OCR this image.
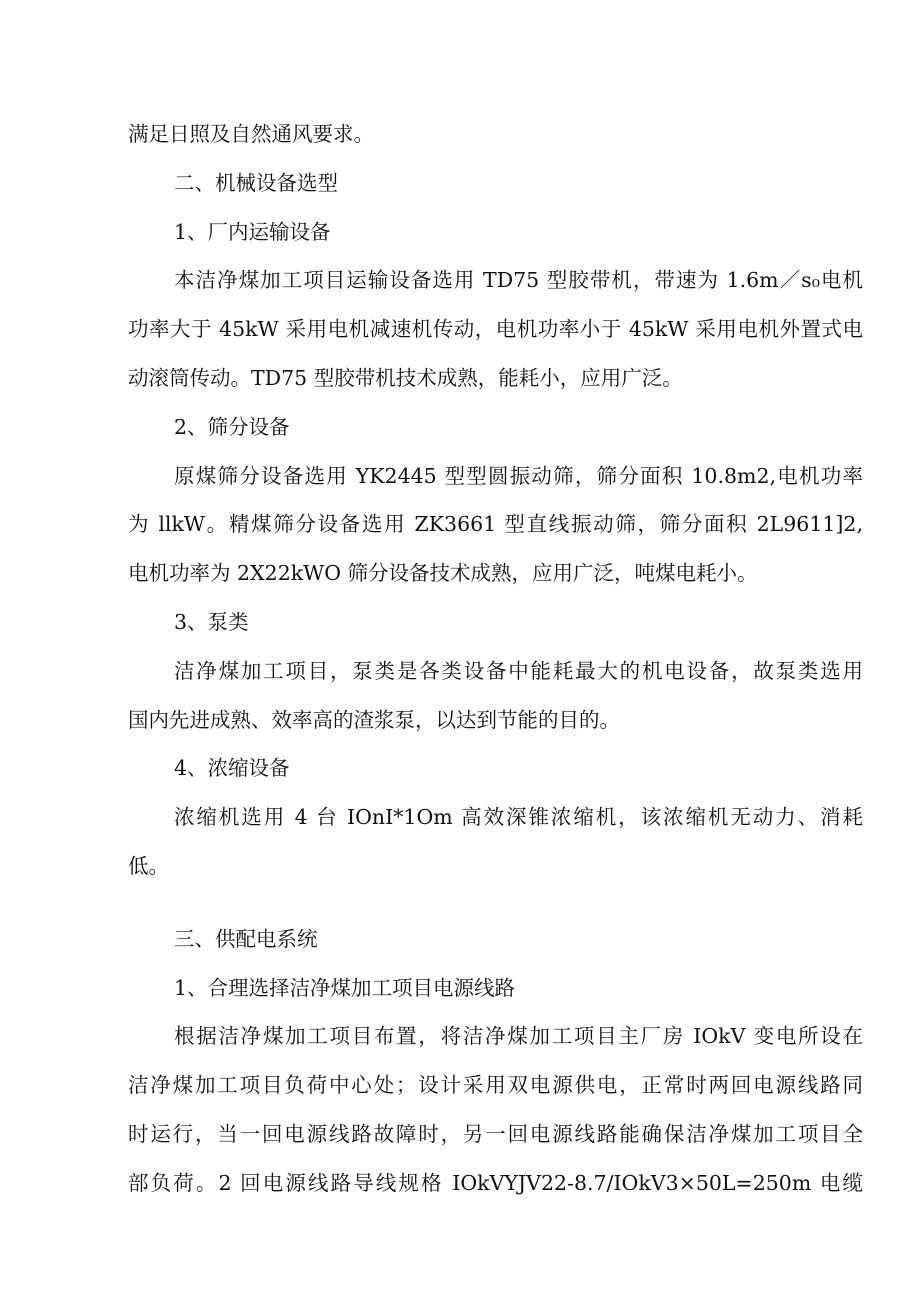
满足日照及自然通风要求。
二、机械设备选型
1、厂内运输设备
本洁净煤加工项目运输设备选用 TD75 型胶带机，带速为 1.6m／s₀电机
功率大于 45kW 采用电机减速机传动，电机功率小于 45kW 采用电机外置式电
动滚筒传动。TD75 型胶带机技术成熟，能耗小，应用广泛。
2、筛分设备
原煤筛分设备选用 YK2445 型型圆振动筛，筛分面积 10.8m2,电机功率
为 llkW。精煤筛分设备选用 ZK3661 型直线振动筛，筛分面积 2L9611]2,
电机功率为 2X22kWO 筛分设备技术成熟，应用广泛，吨煤电耗小。
3、泵类
洁净煤加工项目，泵类是各类设备中能耗最大的机电设备，故泵类选用
国内先进成熟、效率高的渣浆泵，以达到节能的目的。
4、浓缩设备
浓缩机选用 4 台 IOnI*1Om 高效深锥浓缩机，该浓缩机无动力、消耗
低。
三、供配电系统
1、合理选择洁净煤加工项目电源线路
根据洁净煤加工项目布置，将洁净煤加工项目主厂房 IOkV 变电所设在
洁净煤加工项目负荷中心处；设计采用双电源供电，正常时两回电源线路同
时运行，当一回电源线路故障时，另一回电源线路能确保洁净煤加工项目全
部负荷。2 回电源线路导线规格 IOkVYJV22-8.7/IOkV3×50L=250m 电缆
